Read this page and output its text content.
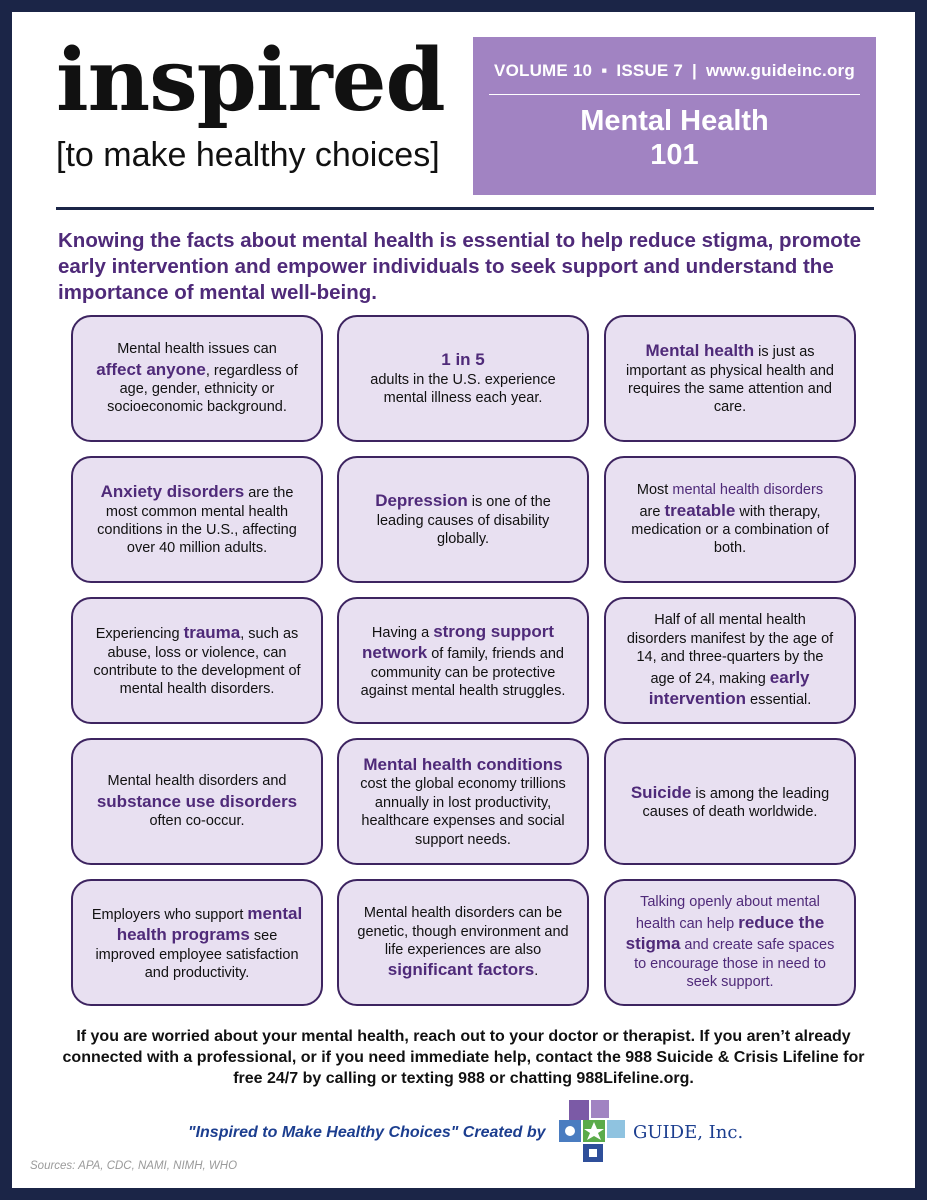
inspired
[to make healthy choices]
VOLUME 10 ▪ ISSUE 7 | www.guideinc.org
Mental Health
101
Knowing the facts about mental health is essential to help reduce stigma, promote early intervention and empower individuals to seek support and understand the importance of mental well-being.
Mental health issues can
affect anyone, regardless of age, gender, ethnicity or socioeconomic background.
1 in 5
adults in the U.S. experience mental illness each year.
Mental health is just as important as physical health and requires the same attention and care.
Anxiety disorders are the most common mental health conditions in the U.S., affecting over 40 million adults.
Depression is one of the leading causes of disability globally.
Most mental health disorders
are treatable with therapy, medication or a combination of both.
Experiencing trauma, such as abuse, loss or violence, can contribute to the development of mental health disorders.
Having a strong support network of family, friends and community can be protective against mental health struggles.
Half of all mental health disorders manifest by the age of 14, and three-quarters by the age of 24, making early intervention essential.
Mental health disorders and
substance use disorders
often co-occur.
Mental health conditions
cost the global economy trillions annually in lost productivity, healthcare expenses and social support needs.
Suicide is among the leading causes of death worldwide.
Employers who support mental health programs see improved employee satisfaction and productivity.
Mental health disorders can be genetic, though environment and life experiences are also significant factors.
Talking openly about mental health can help reduce the stigma and create safe spaces to encourage those in need to seek support.
If you are worried about your mental health, reach out to your doctor or therapist. If you aren’t already connected with a professional, or if you need immediate help, contact the 988 Suicide & Crisis Lifeline for free 24/7 by calling or texting 988 or chatting 988Lifeline.org.
"Inspired to Make Healthy Choices" Created by	GUIDE, Inc.
Sources: APA, CDC, NAMI, NIMH, WHO
